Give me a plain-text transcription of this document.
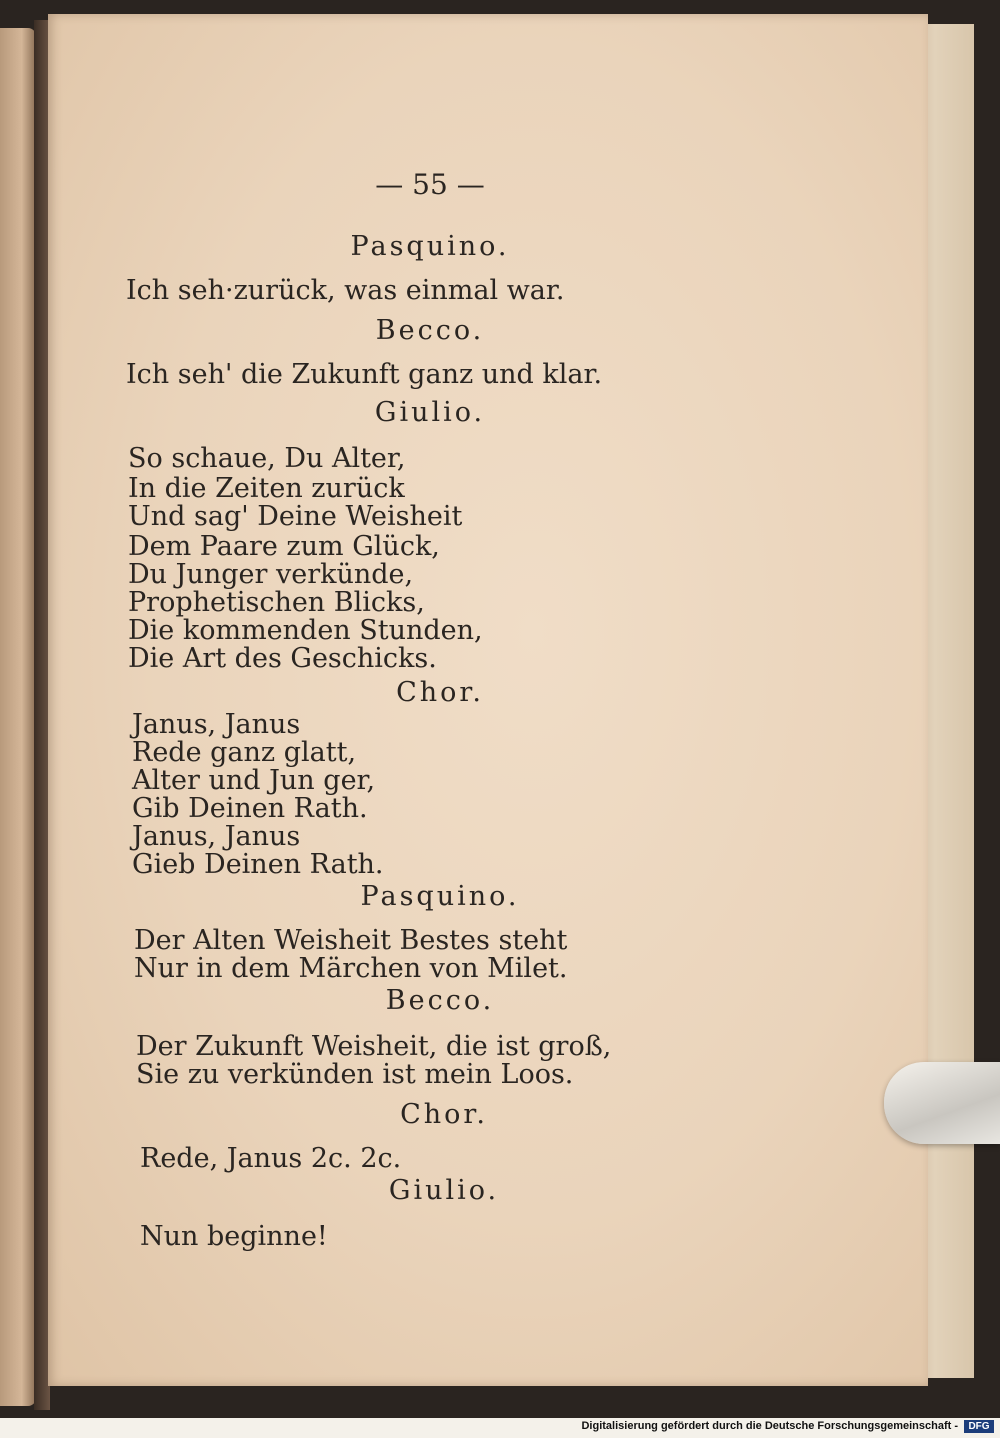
— 55 —
Pasquino.
Ich seh·zurück, was einmal war.
Becco.
Ich seh' die Zukunft ganz und klar.
Giulio.
So schaue, Du Alter,
In die Zeiten zurück
Und sag' Deine Weisheit
Dem Paare zum Glück,
Du Junger verkünde,
Prophetischen Blicks,
Die kommenden Stunden,
Die Art des Geschicks.
Chor.
Janus, Janus
Rede ganz glatt,
Alter und Jun ger,
Gib Deinen Rath.
Janus, Janus
Gieb Deinen Rath.
Pasquino.
Der Alten Weisheit Bestes steht
Nur in dem Märchen von Milet.
Becco.
Der Zukunft Weisheit, die ist groß,
Sie zu verkünden ist mein Loos.
Chor.
Rede, Janus 2c. 2c.
Giulio.
Nun beginne!
Digitalisierung gefördert durch die Deutsche Forschungsgemeinschaft -	DFG
